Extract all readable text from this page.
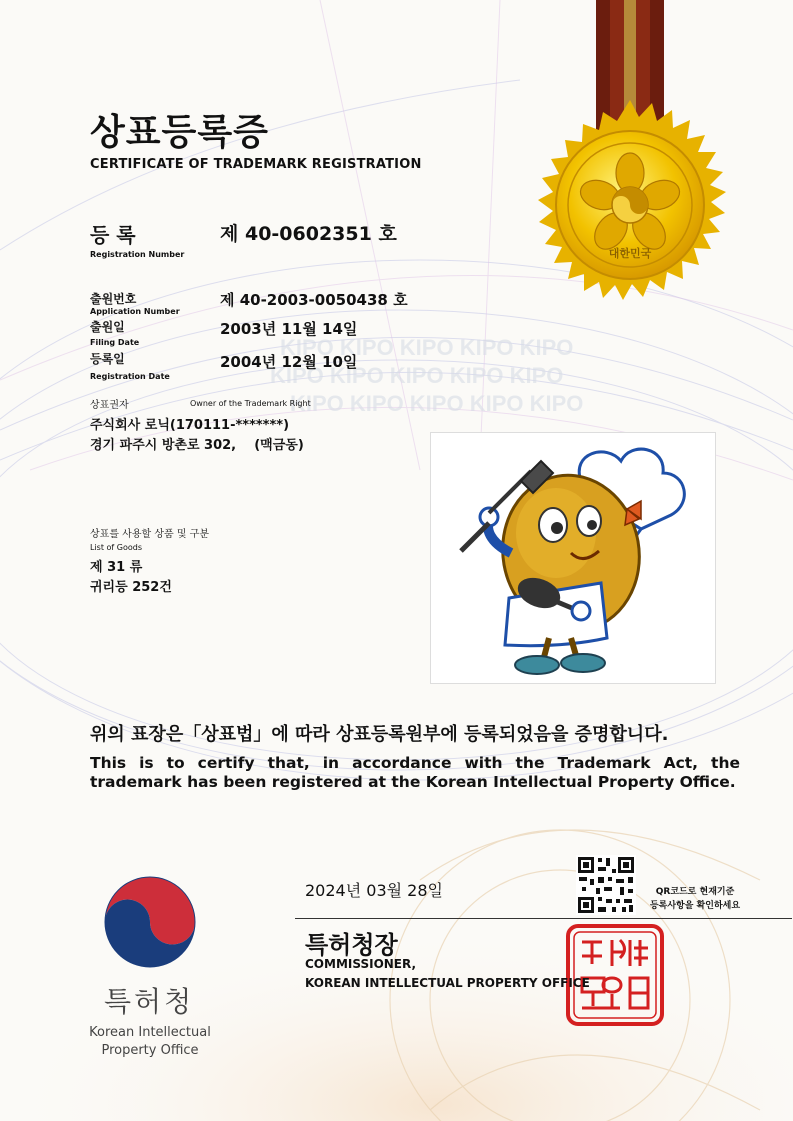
대한민국
KIPO KIPO KIPO KIPO KIPO
KIPO KIPO KIPO KIPO KIPO
KIPO KIPO KIPO KIPO KIPO
상표등록증
CERTIFICATE OF TRADEMARK REGISTRATION
등 록
Registration Number
제 40-0602351 호
출원번호
Application Number
제 40-2003-0050438 호
출원일
Filing Date
2003년 11월 14일
등록일
Registration Date
2004년 12월 10일
상표권자	Owner of the Trademark Right
주식회사 로닉(170111-*******)
경기 파주시 방촌로 302,    (맥금동)
상표를 사용할 상품 및 구분
List of Goods
제 31 류
귀리등 252건
위의 표장은「상표법」에 따라 상표등록원부에 등록되었음을 증명합니다.
This is to certify that, in accordance with the Trademark Act, the trademark has been registered at the Korean Intellectual Property Office.
2024년 03월 28일	QR코드로 현재기준
등록사항을 확인하세요
특허청장
COMMISSIONER,
KOREAN INTELLECTUAL PROPERTY OFFICE
특허청
Korean Intellectual
Property Office
